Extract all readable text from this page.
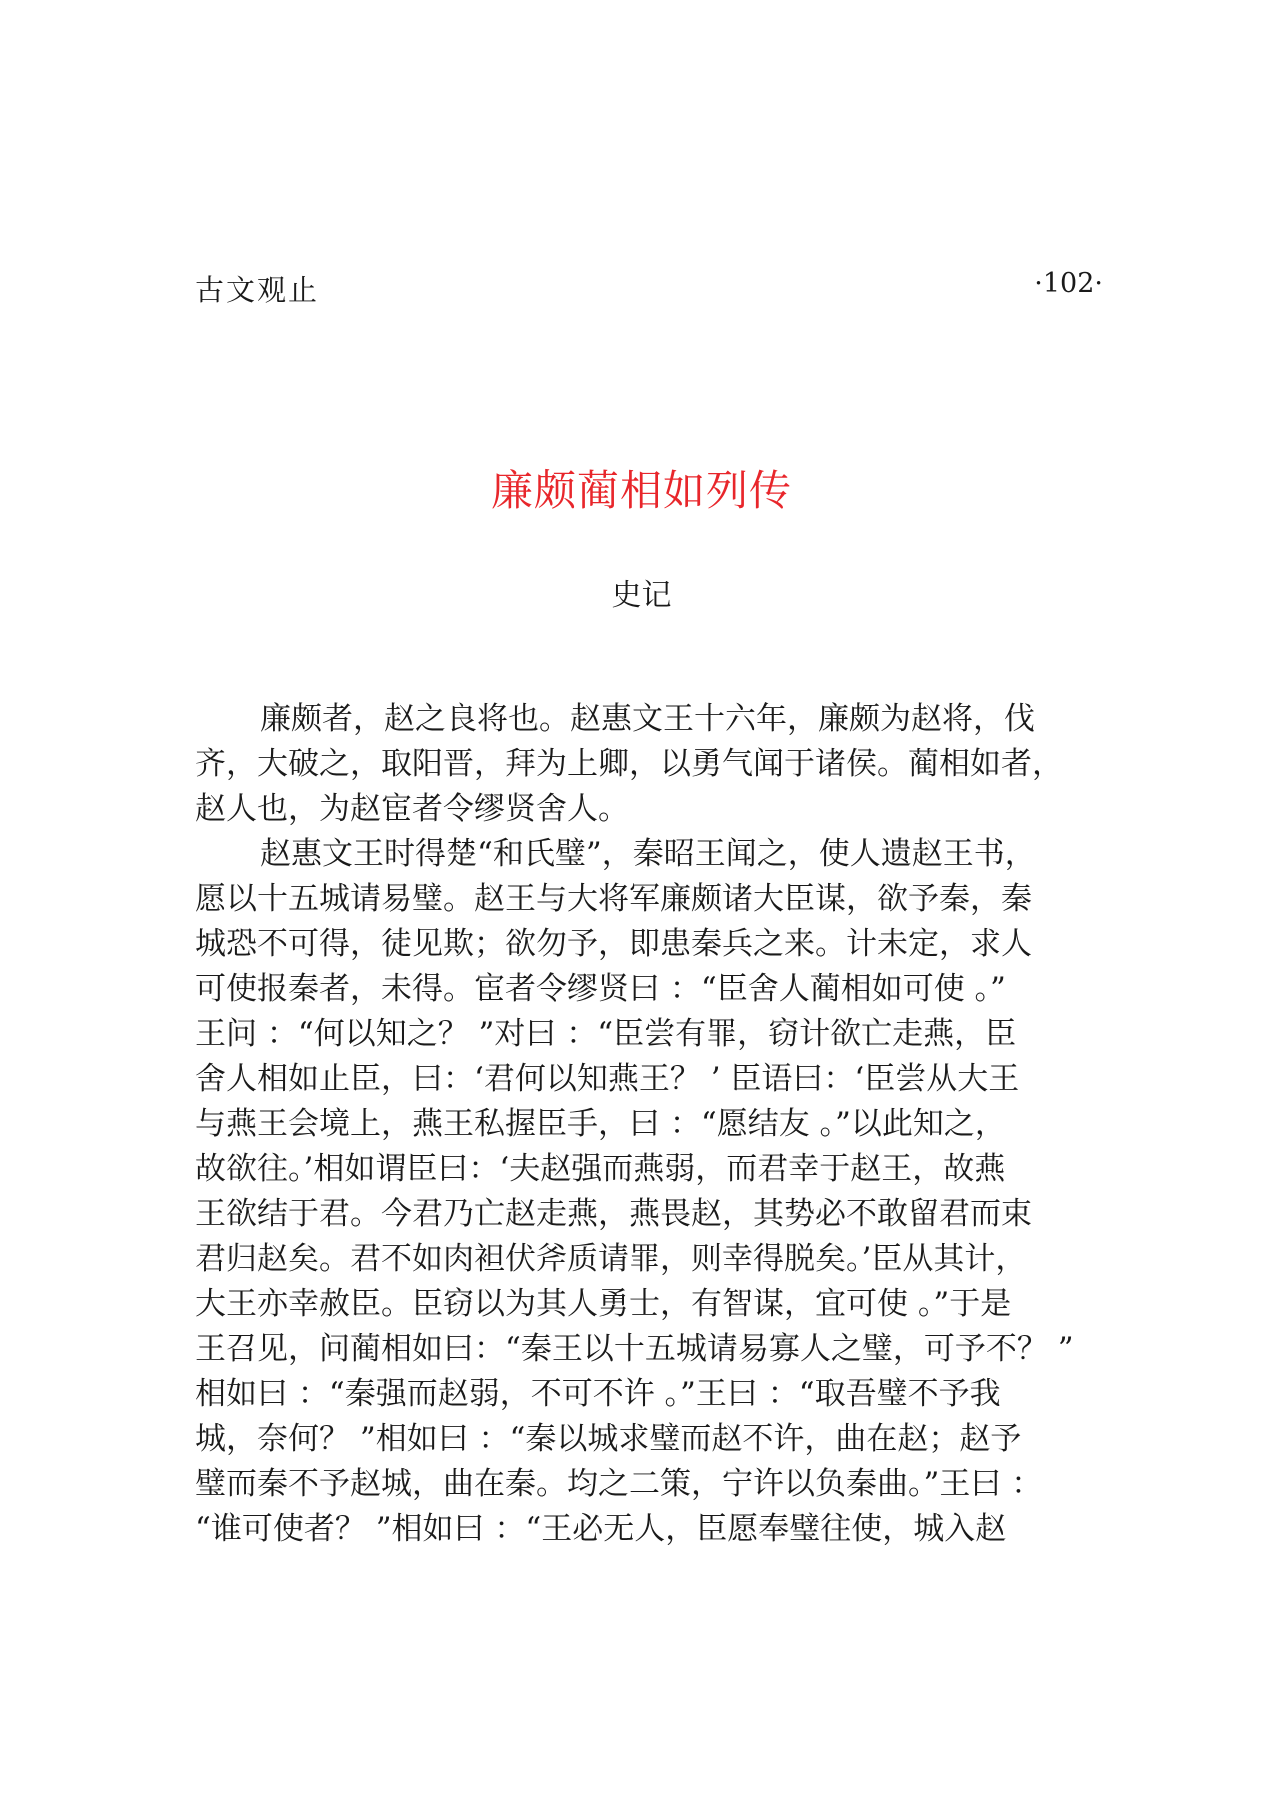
古文观止	·102·
廉颇蔺相如列传
史记
廉颇者，赵之良将也。赵惠文王十六年，廉颇为赵将，伐
齐，大破之，取阳晋，拜为上卿，以勇气闻于诸侯。蔺相如者，
赵人也，为赵宦者令缪贤舍人。
赵惠文王时得楚“和氏璧”，秦昭王闻之，使人遗赵王书，
愿以十五城请易璧。赵王与大将军廉颇诸大臣谋，欲予秦，秦
城恐不可得，徒见欺；欲勿予，即患秦兵之来。计未定，求人
可使报秦者，未得。宦者令缪贤曰 ：“臣舍人蔺相如可使 。”
王问 ：“何以知之？ ”对曰 ：“臣尝有罪，窃计欲亡走燕，臣
舍人相如止臣，曰：‘君何以知燕王？ ’ 臣语曰：‘臣尝从大王
与燕王会境上，燕王私握臣手，曰 ：“愿结友 。”以此知之，
故欲往。’相如谓臣曰：‘夫赵强而燕弱，而君幸于赵王，故燕
王欲结于君。今君乃亡赵走燕，燕畏赵，其势必不敢留君而束
君归赵矣。君不如肉袒伏斧质请罪，则幸得脱矣。’臣从其计，
大王亦幸赦臣。臣窃以为其人勇士，有智谋，宜可使 。”于是
王召见，问蔺相如曰：“秦王以十五城请易寡人之璧，可予不？ ”
相如曰 ：“秦强而赵弱，不可不许 。”王曰 ：“取吾璧不予我
城，奈何？ ”相如曰 ：“秦以城求璧而赵不许，曲在赵；赵予
璧而秦不予赵城，曲在秦。均之二策，宁许以负秦曲。”王曰 ：
“谁可使者？ ”相如曰 ：“王必无人，臣愿奉璧往使，城入赵
